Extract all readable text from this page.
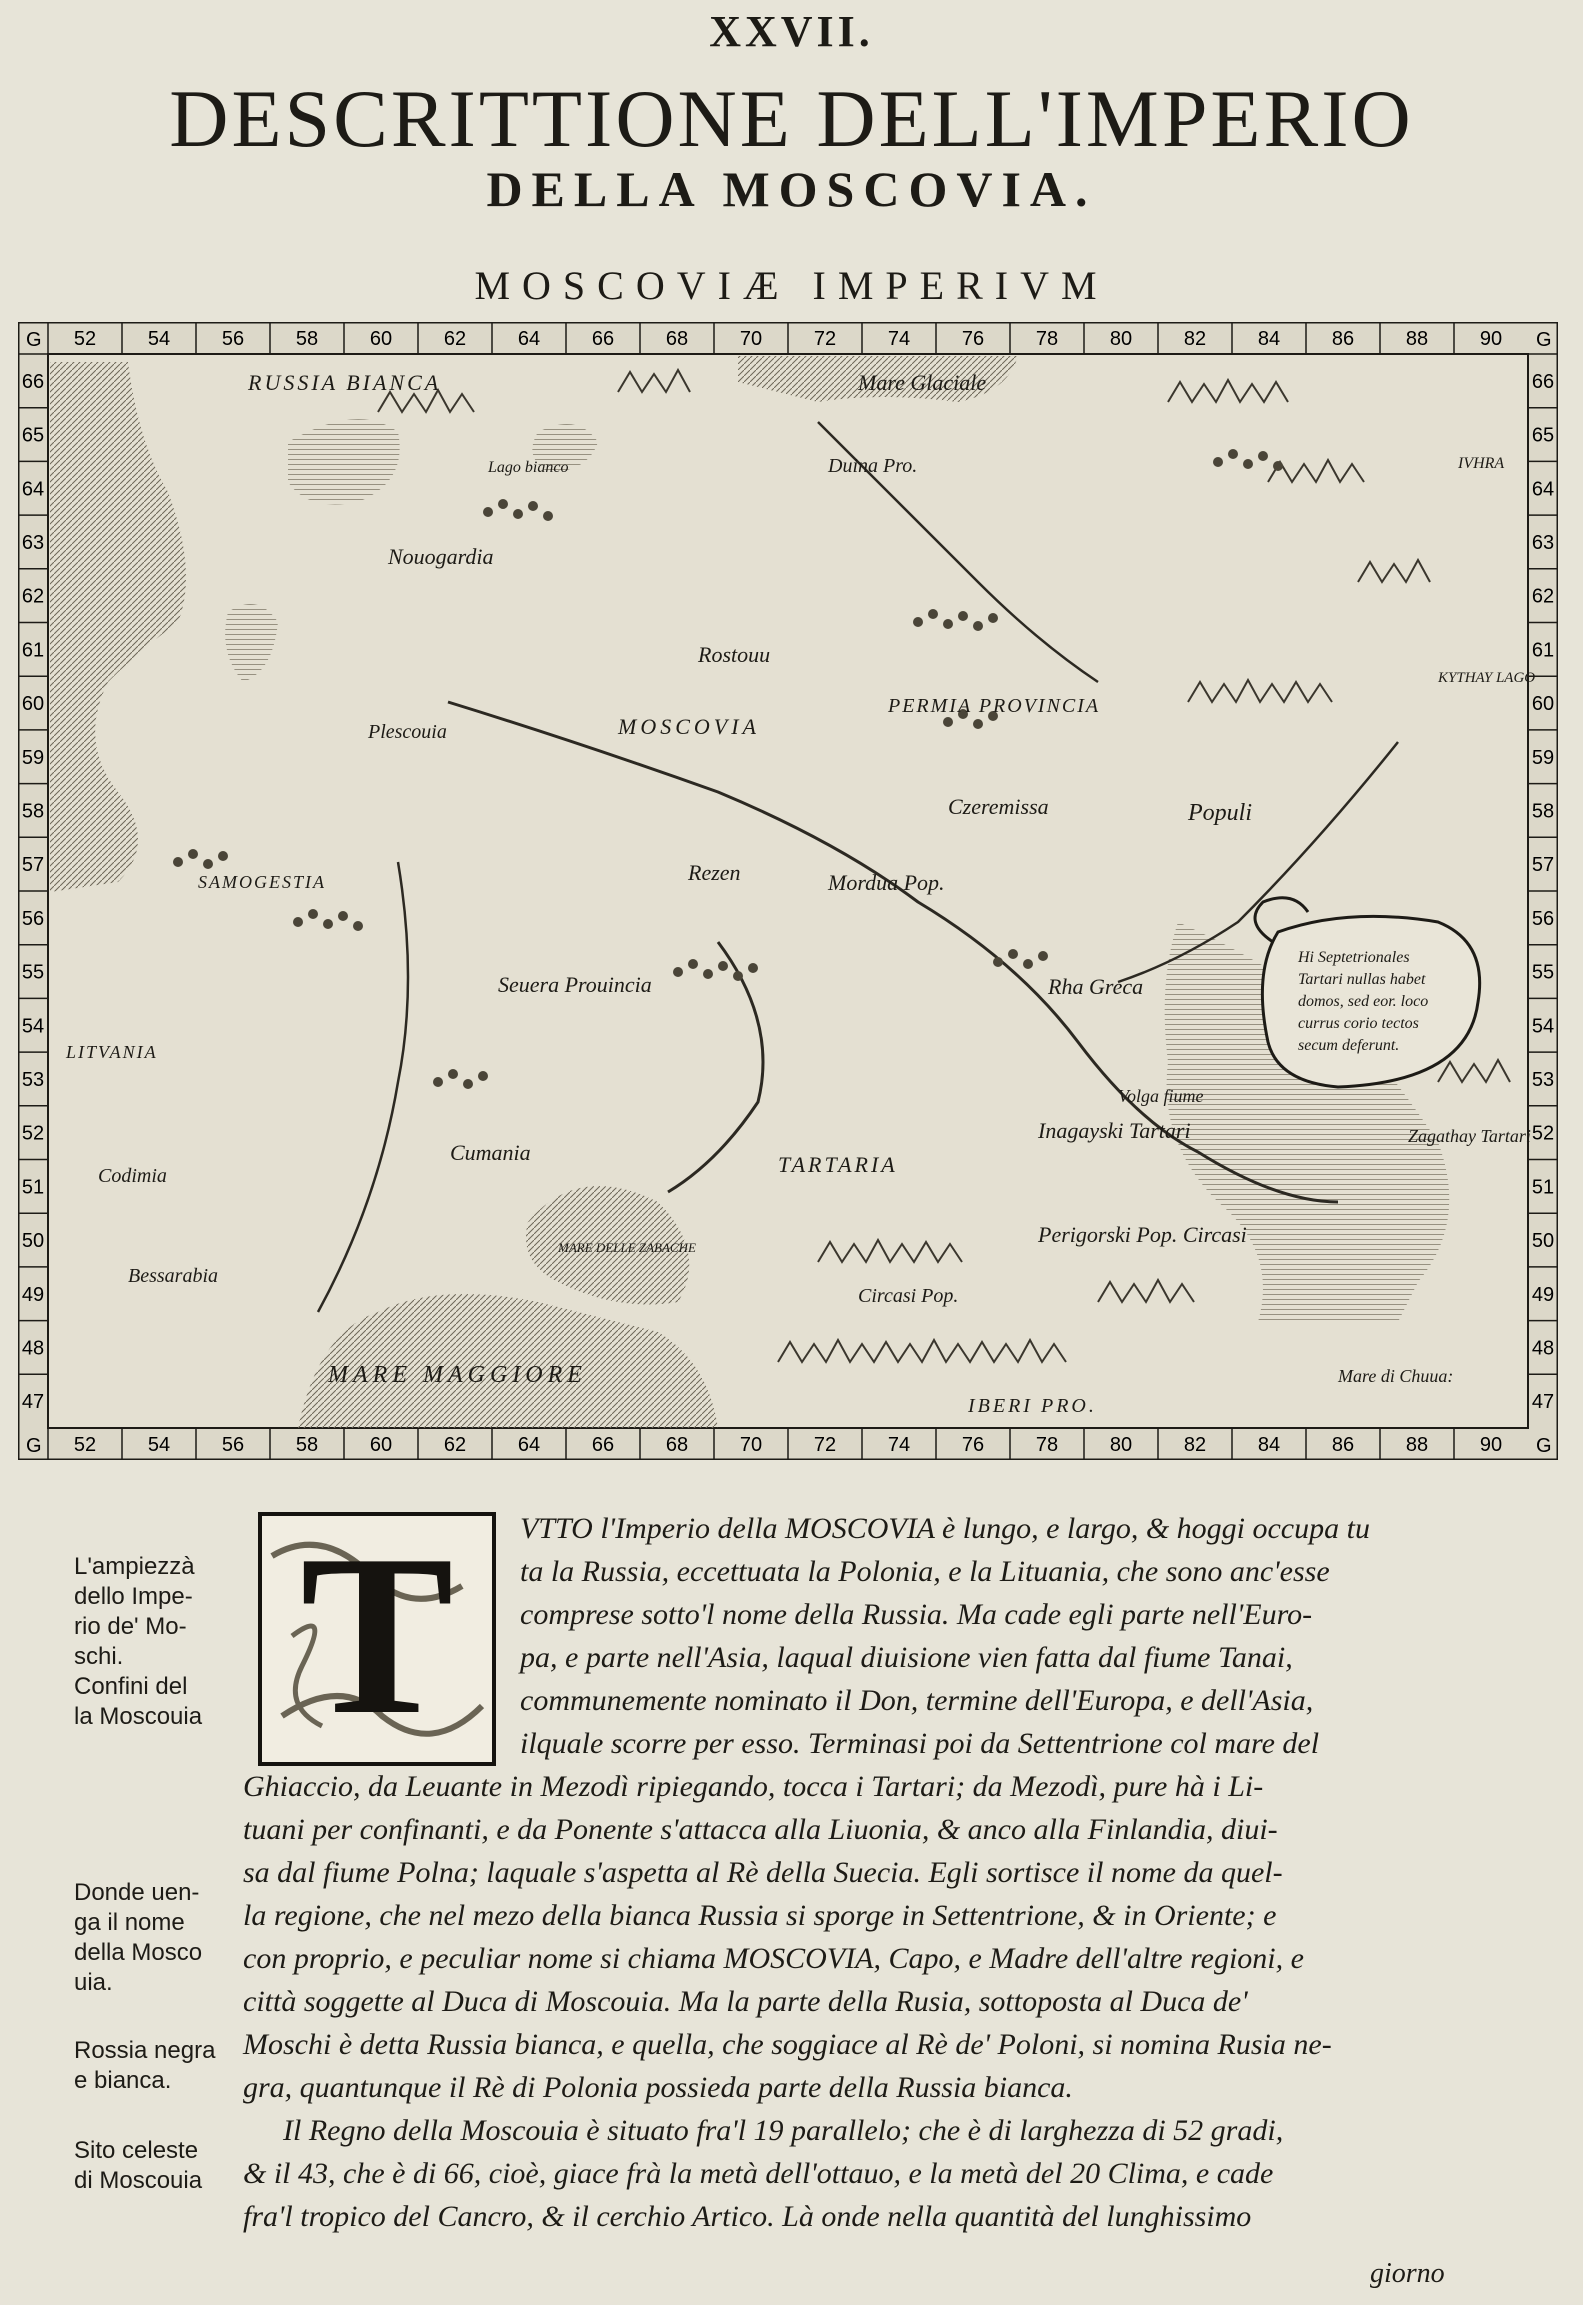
XXVII.
DESCRITTIONE DELL'IMPERIO
DELLA MOSCOVIA.
MOSCOVIÆ IMPERIVM
52	54	56	58	60	62	64	66	68	70	72	74	76	78	80	82	84	86	88	90
52	54	56	58	60	62	64	66	68	70	72	74	76	78	80	82	84	86	88	90
66
65
64
63
62
61
60
59
58
57
56
55
54
53
52
51
50
49
48
47
66
65
64
63
62
61
60
59
58
57
56
55
54
53
52
51
50
49
48
47
G	G
G	G
RUSSIA BIANCA	Mare Glaciale
Lago bianco	Duina Pro.
Nouogardia
Rostouu
MOSCOVIA
PERMIA PROVINCIA
Plescouia
Czeremissa	Populi
Rezen	Mordua Pop.
SAMOGESTIA
Seuera Prouincia
LITVANIA
Rha Greca
IVHRA
KYTHAY LAGO
Cumania	TARTARIA
Inagayski Tartari	Zagathay Tartari
Volga fiume
Codimia
MARE DELLE ZABACHE
Perigorski Pop. Circasi
Bessarabia
Circasi Pop.
MARE MAGGIORE	Mare di Chuua:
IBERI PRO.
Hi Septetrionales Tartari nullas habet domos, sed eor. loco currus corio tectos secum deferunt.
L'ampiezzà
dello Impe-
rio de' Mo-
schi.
Confini del
la Moscouia
Donde uen-
ga il nome
della Mosco
uia.
Rossia negra
e bianca.
Sito celeste
di Moscouia
T	VTTO l'Imperio della MOSCOVIA è lungo, e largo, & hoggi occupa tu
ta la Russia, eccettuata la Polonia, e la Lituania, che sono anc'esse
comprese sotto'l nome della Russia. Ma cade egli parte nell'Euro-
pa, e parte nell'Asia, laqual diuisione vien fatta dal fiume Tanai,
communemente nominato il Don, termine dell'Europa, e dell'Asia,
ilquale scorre per esso. Terminasi poi da Settentrione col mare del
Ghiaccio, da Leuante in Mezodì ripiegando, tocca i Tartari; da Mezodì, pure hà i Li-
tuani per confinanti, e da Ponente s'attacca alla Liuonia, & anco alla Finlandia, diui-
sa dal fiume Polna; laquale s'aspetta al Rè della Suecia. Egli sortisce il nome da quel-
la regione, che nel mezo della bianca Russia si sporge in Settentrione, & in Oriente; e
con proprio, e peculiar nome si chiama MOSCOVIA, Capo, e Madre dell'altre regioni, e
città soggette al Duca di Moscouia. Ma la parte della Rusia, sottoposta al Duca de'
Moschi è detta Russia bianca, e quella, che soggiace al Rè de' Poloni, si nomina Rusia ne-
gra, quantunque il Rè di Polonia possieda parte della Russia bianca.
Il Regno della Moscouia è situato fra'l 19 parallelo; che è di larghezza di 52 gradi,
& il 43, che è di 66, cioè, giace frà la metà dell'ottauo, e la metà del 20 Clima, e cade
fra'l tropico del Cancro, & il cerchio Artico. Là onde nella quantità del lunghissimo
giorno
